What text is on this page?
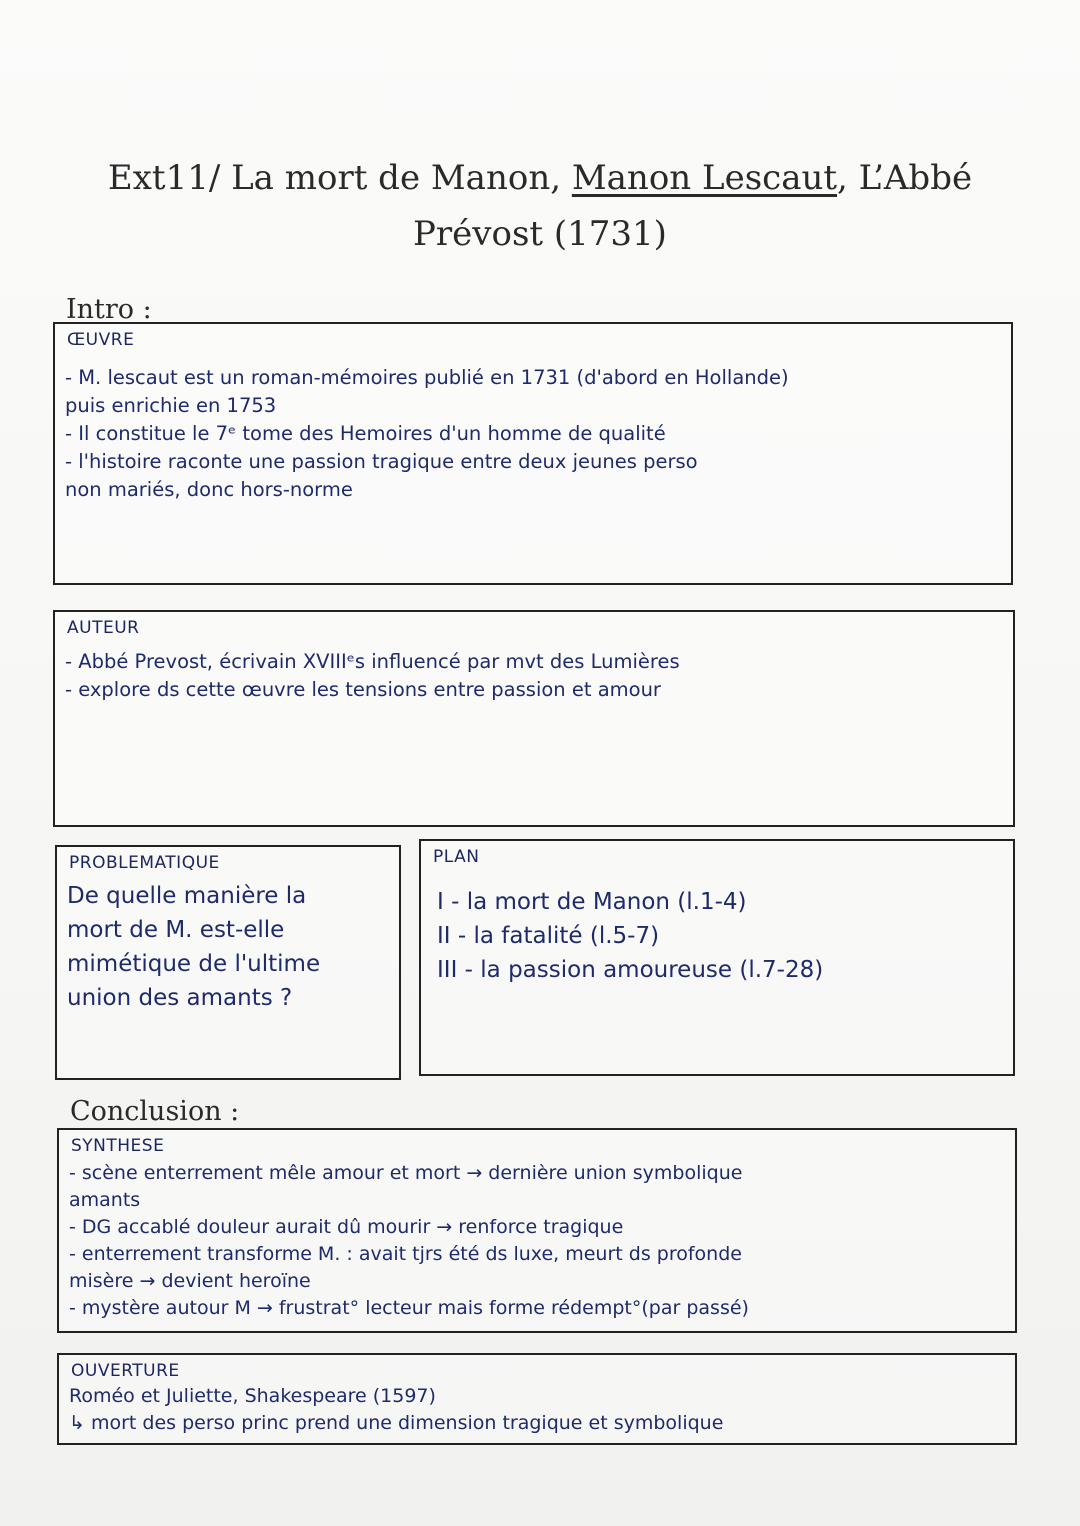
Ext11/ La mort de Manon, Manon Lescaut, L’Abbé
Prévost (1731)
Intro :
ŒUVRE
- M. lescaut est un roman-mémoires publié en 1731 (d'abord en Hollande)
puis enrichie en 1753
- Il constitue le 7ᵉ tome des Hemoires d'un homme de qualité
- l'histoire raconte une passion tragique entre deux jeunes perso
non mariés, donc hors-norme
AUTEUR
- Abbé Prevost, écrivain XVIIIᵉs influencé par mvt des Lumières
- explore ds cette œuvre les tensions entre passion et amour
PROBLEMATIQUE
De quelle manière la
mort de M. est-elle
mimétique de l'ultime
union des amants ?
PLAN
I - la mort de Manon (l.1-4)
II - la fatalité (l.5-7)
III - la passion amoureuse (l.7-28)
Conclusion :
SYNTHESE
- scène enterrement mêle amour et mort → dernière union symbolique
amants
- DG accablé douleur aurait dû mourir → renforce tragique
- enterrement transforme M. : avait tjrs été ds luxe, meurt ds profonde
misère → devient heroïne
- mystère autour M → frustrat° lecteur mais forme rédempt°(par passé)
OUVERTURE
Roméo et Juliette, Shakespeare (1597)
↳ mort des perso princ prend une dimension tragique et symbolique
